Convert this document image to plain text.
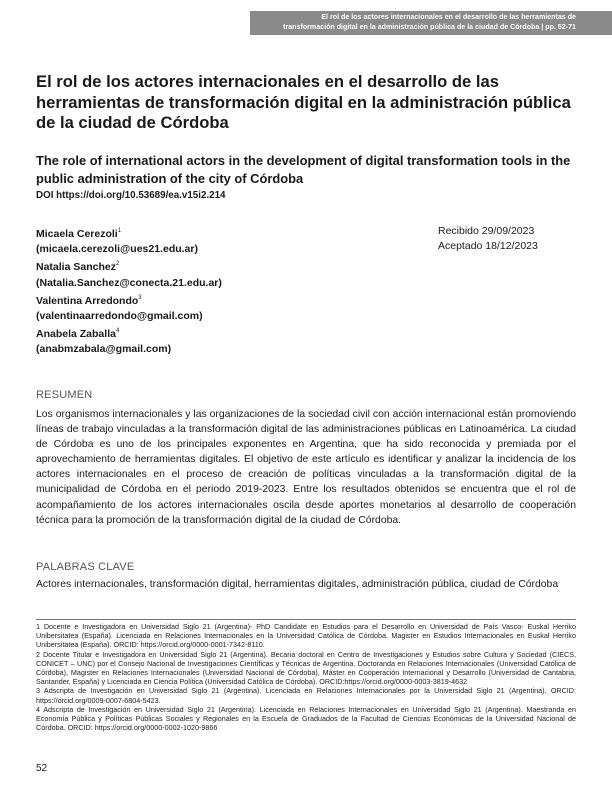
El rol de los actores internacionales en el desarrollo de las herramientas de
transformación digital en la administración pública de la ciudad de Córdoba | pp. 52-71
El rol de los actores internacionales en el desarrollo de las herramientas de transformación digital en la administración pública de la ciudad de Córdoba
The role of international actors in the development of digital transformation tools in the public administration of the city of Córdoba
DOI https://doi.org/10.53689/ea.v15i2.214
Micaela Cerezoli$^1$
(micaela.cerezoli@ues21.edu.ar)
Natalia Sanchez$^2$
(Natalia.Sanchez@conecta.21.edu.ar)
Valentina Arredondo$^3$
(valentinaarredondo@gmail.com)
Anabela Zaballa$^4$
(anabmzabala@gmail.com)
Recibido 29/09/2023
Aceptado 18/12/2023
RESUMEN

Los organismos internacionales y las organizaciones de la sociedad civil con acción internacional están promoviendo líneas de trabajo vinculadas a la transformación digital de las administraciones públicas en Latinoamérica. La ciudad de Córdoba es uno de los principales exponentes en Argentina, que ha sido reconocida y premiada por el aprovechamiento de herramientas digitales. El objetivo de este artículo es identificar y analizar la incidencia de los actores internacionales en el proceso de creación de políticas vinculadas a la transformación digital de la municipalidad de Córdoba en el periodo 2019-2023. Entre los resultados obtenidos se encuentra que el rol de acompañamiento de los actores internacionales oscila desde aportes monetarios al desarrollo de cooperación técnica para la promoción de la transformación digital de la ciudad de Córdoba.

PALABRAS CLAVE

Actores internacionales, transformación digital, herramientas digitales, administración pública, ciudad de Córdoba

1 Docente e Investigadora en Universidad Siglo 21 (Argentina)- PhD Candidate en Estudios para el Desarrollo en Universidad de País Vasco- Euskal Herriko Unibersitatea (España). Licenciada en Relaciones Internacionales en la Universidad Católica de Córdoba. Magister en Estudios Internacionales en Euskal Herriko Unibersitatea (España). ORCID: https://orcid.org/0000-0001-7342-8110.

2 Docente Titular e Investigadora en Universidad Siglo 21 (Argentina). Becaria doctoral en Centro de Investigaciones y Estudios sobre Cultura y Sociedad (CIECS, CONICET – UNC) por el Consejo Nacional de Investigaciones Científicas y Técnicas de Argentina. Doctoranda en Relaciones Internacionales (Universidad Católica de Córdoba), Magister en Relaciones Internacionales (Universidad Nacional de Córdoba), Máster en Cooperación Internacional y Desarrollo (Universidad de Cantabria, Santander, España) y Licenciada en Ciencia Política (Universidad Católica de Córdoba). ORCID:https://orcid.org/0000-0003-3819-4632

3 Adscripta de Investigación en Universidad Siglo 21 (Argentina). Licenciada en Relaciones Internacionales por la Universidad Siglo 21 (Argentina). ORCID: https://orcid.org/0009-0007-6804-5423.

4 Adscripta de Investigación en Universidad Siglo 21 (Argentina). Licenciada en Relaciones Internacionales en Universidad Siglo 21 (Argentina). Maestranda en Economía Pública y Políticas Públicas Sociales y Regionales en la Escuela de Graduados de la Facultad de Ciencias Económicas de la Universidad Nacional de Córdoba. ORCID: https://orcid.org/0000-0002-1020-9866

52
